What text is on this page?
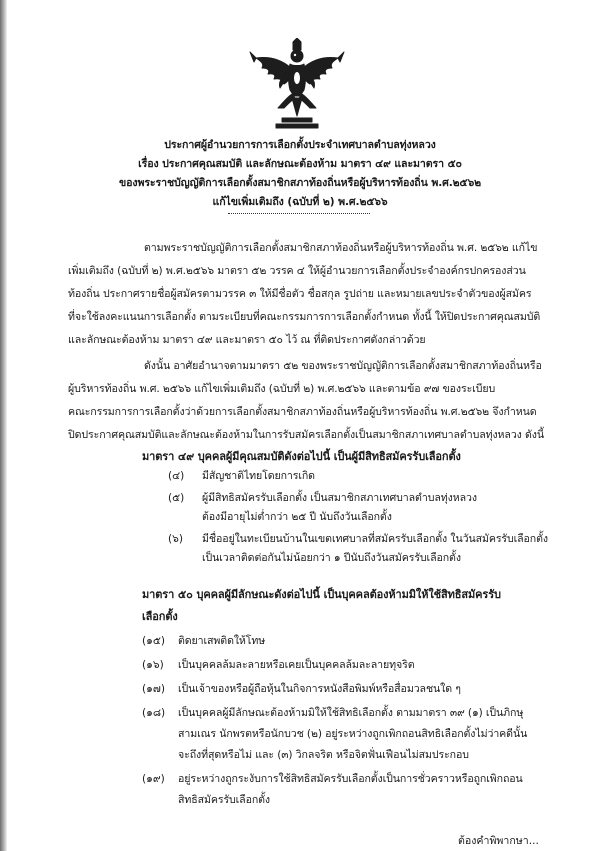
ประกาศผู้อำนวยการการเลือกตั้งประจำเทศบาลตำบลทุ่งหลวง
เรื่อง ประกาศคุณสมบัติ และลักษณะต้องห้าม มาตรา ๔๙ และมาตรา ๕๐
ของพระราชบัญญัติการเลือกตั้งสมาชิกสภาท้องถิ่นหรือผู้บริหารท้องถิ่น พ.ศ.๒๕๖๒
แก้ไขเพิ่มเติมถึง (ฉบับที่ ๒) พ.ศ.๒๕๖๖
ตามพระราชบัญญัติการเลือกตั้งสมาชิกสภาท้องถิ่นหรือผู้บริหารท้องถิ่น พ.ศ. ๒๕๖๒ แก้ไข
เพิ่มเติมถึง (ฉบับที่ ๒) พ.ศ.๒๕๖๖ มาตรา ๕๒ วรรค ๔ ให้ผู้อำนวยการเลือกตั้งประจำองค์กรปกครองส่วน
ท้องถิ่น ประกาศรายชื่อผู้สมัครตามวรรค ๓ ให้มีชื่อตัว ชื่อสกุล รูปถ่าย และหมายเลขประจำตัวของผู้สมัคร
ที่จะใช้ลงคะแนนการเลือกตั้ง ตามระเบียบที่คณะกรรมการการเลือกตั้งกำหนด ทั้งนี้ ให้ปิดประกาศคุณสมบัติ
และลักษณะต้องห้าม มาตรา ๔๙ และมาตรา ๕๐ ไว้ ณ ที่ติดประกาศดังกล่าวด้วย
ดังนั้น อาศัยอำนาจตามมาตรา ๕๒ ของพระราชบัญญัติการเลือกตั้งสมาชิกสภาท้องถิ่นหรือ
ผู้บริหารท้องถิ่น พ.ศ. ๒๕๖๖ แก้ไขเพิ่มเติมถึง (ฉบับที่ ๒) พ.ศ.๒๕๖๖ และตามข้อ ๙๗ ของระเบียบ
คณะกรรมการการเลือกตั้งว่าด้วยการเลือกตั้งสมาชิกสภาท้องถิ่นหรือผู้บริหารท้องถิ่น พ.ศ.๒๕๖๒ จึงกำหนด
ปิดประกาศคุณสมบัติและลักษณะต้องห้ามในการรับสมัครเลือกตั้งเป็นสมาชิกสภาเทศบาลตำบลทุ่งหลวง ดังนี้
มาตรา ๔๙ บุคคลผู้มีคุณสมบัติดังต่อไปนี้ เป็นผู้มีสิทธิสมัครรับเลือกตั้ง
(๔) มีสัญชาติไทยโดยการเกิด
(๕) ผู้มีสิทธิสมัครรับเลือกตั้ง เป็นสมาชิกสภาเทศบาลตำบลทุ่งหลวง
ต้องมีอายุไม่ต่ำกว่า ๒๕ ปี นับถึงวันเลือกตั้ง
(๖) มีชื่ออยู่ในทะเบียนบ้านในเขตเทศบาลที่สมัครรับเลือกตั้ง ในวันสมัครรับเลือกตั้ง
เป็นเวลาติดต่อกันไม่น้อยกว่า ๑ ปีนับถึงวันสมัครรับเลือกตั้ง
มาตรา ๕๐ บุคคลผู้มีลักษณะดังต่อไปนี้ เป็นบุคคลต้องห้ามมิให้ใช้สิทธิสมัครรับ
เลือกตั้ง
(๑๕) ติดยาเสพติดให้โทษ
(๑๖) เป็นบุคคลล้มละลายหรือเคยเป็นบุคคลล้มละลายทุจริต
(๑๗) เป็นเจ้าของหรือผู้ถือหุ้นในกิจการหนังสือพิมพ์หรือสื่อมวลชนใด ๆ
(๑๘) เป็นบุคคลผู้มีลักษณะต้องห้ามมิให้ใช้สิทธิเลือกตั้ง ตามมาตรา ๓๙ (๑) เป็นภิกษุ
สามเณร นักพรตหรือนักบวช (๒) อยู่ระหว่างถูกเพิกถอนสิทธิเลือกตั้งไม่ว่าคดีนั้น
จะถึงที่สุดหรือไม่ และ (๓) วิกลจริต หรือจิตฟั่นเฟือนไม่สมประกอบ
(๑๙) อยู่ระหว่างถูกระงับการใช้สิทธิสมัครรับเลือกตั้งเป็นการชั่วคราวหรือถูกเพิกถอน
สิทธิสมัครรับเลือกตั้ง
ต้องคำพิพากษา...
